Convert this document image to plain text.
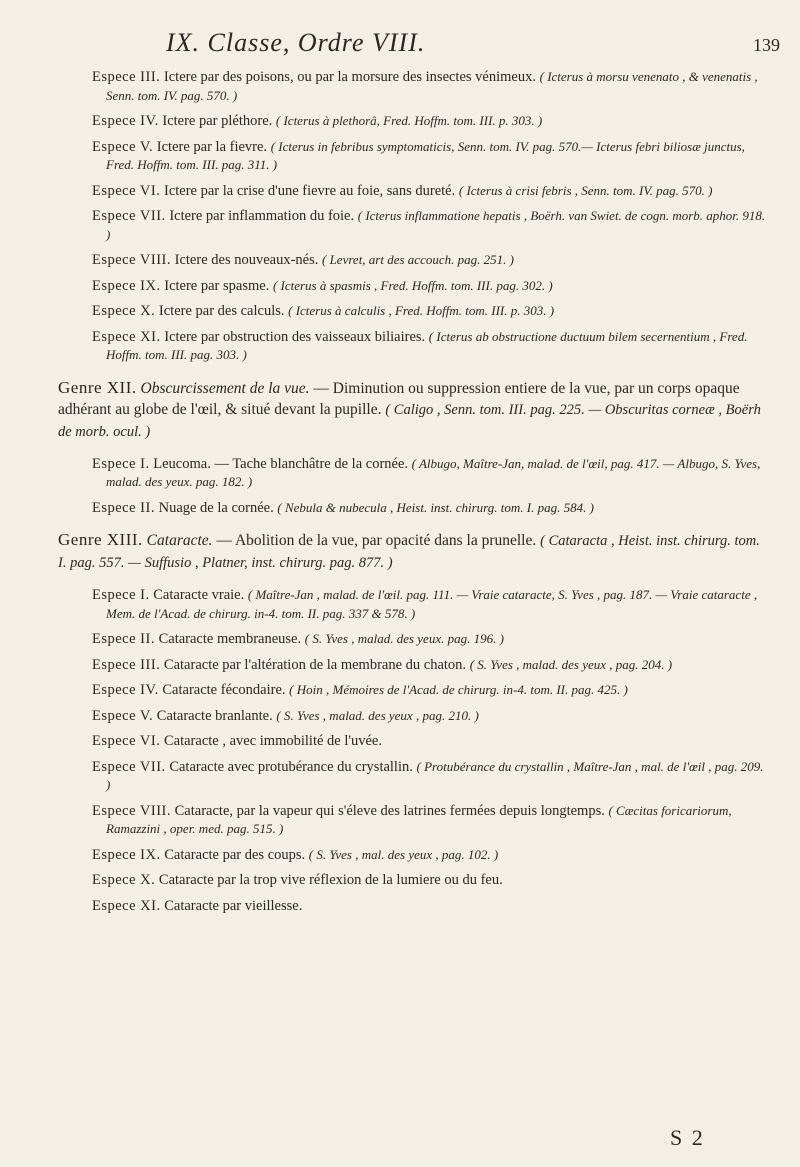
IX. Classe, Ordre VIII.	139

Espece III. Ictere par des poisons, ou par la morsure des insectes vénimeux. ( Icterus à morsu venenato , & venenatis , Senn. tom. IV. pag. 570. )

Espece IV. Ictere par pléthore. ( Icterus à plethorâ, Fred. Hoffm. tom. III. p. 303. )

Espece V. Ictere par la fievre. ( Icterus in febribus symptomaticis, Senn. tom. IV. pag. 570.— Icterus febri biliosæ junctus, Fred. Hoffm. tom. III. pag. 311. )

Espece VI. Ictere par la crise d'une fievre au foie, sans dureté. ( Icterus à crisi febris , Senn. tom. IV. pag. 570. )

Espece VII. Ictere par inflammation du foie. ( Icterus inflammatione hepatis , Boërh. van Swiet. de cogn. morb. aphor. 918. )

Espece VIII. Ictere des nouveaux-nés. ( Levret, art des accouch. pag. 251. )

Espece IX. Ictere par spasme. ( Icterus à spasmis , Fred. Hoffm. tom. III. pag. 302. )

Espece X. Ictere par des calculs. ( Icterus à calculis , Fred. Hoffm. tom. III. p. 303. )

Espece XI. Ictere par obstruction des vaisseaux biliaires. ( Icterus ab obstructione ductuum bilem secernentium , Fred. Hoffm. tom. III. pag. 303. )

Genre XII. Obscurcissement de la vue. — Diminution ou suppression entiere de la vue, par un corps opaque adhérant au globe de l'œil, & situé devant la pupille. ( Caligo , Senn. tom. III. pag. 225. — Obscuritas corneæ , Boërh de morb. ocul. )

Espece I. Leucoma. — Tache blanchâtre de la cornée. ( Albugo, Maître-Jan, malad. de l'œil, pag. 417. — Albugo, S. Yves, malad. des yeux. pag. 182. )

Espece II. Nuage de la cornée. ( Nebula & nubecula , Heist. inst. chirurg. tom. I. pag. 584. )

Genre XIII. Cataracte. — Abolition de la vue, par opacité dans la prunelle. ( Cataracta , Heist. inst. chirurg. tom. I. pag. 557. — Suffusio , Platner, inst. chirurg. pag. 877. )

Espece I. Cataracte vraie. ( Maître-Jan , malad. de l'œil. pag. 111. — Vraie cataracte, S. Yves , pag. 187. — Vraie cataracte , Mem. de l'Acad. de chirurg. in-4. tom. II. pag. 337 & 578. )

Espece II. Cataracte membraneuse. ( S. Yves , malad. des yeux. pag. 196. )

Espece III. Cataracte par l'altération de la membrane du chaton. ( S. Yves , malad. des yeux , pag. 204. )

Espece IV. Cataracte fécondaire. ( Hoin , Mémoires de l'Acad. de chirurg. in-4. tom. II. pag. 425. )

Espece V. Cataracte branlante. ( S. Yves , malad. des yeux , pag. 210. )

Espece VI. Cataracte , avec immobilité de l'uvée.

Espece VII. Cataracte avec protubérance du crystallin. ( Protubérance du crystallin , Maître-Jan , mal. de l'œil , pag. 209. )

Espece VIII. Cataracte, par la vapeur qui s'éleve des latrines fermées depuis longtemps. ( Cæcitas foricariorum, Ramazzini , oper. med. pag. 515. )

Espece IX. Cataracte par des coups. ( S. Yves , mal. des yeux , pag. 102. )

Espece X. Cataracte par la trop vive réflexion de la lumiere ou du feu.

Espece XI. Cataracte par vieillesse.

S 2
